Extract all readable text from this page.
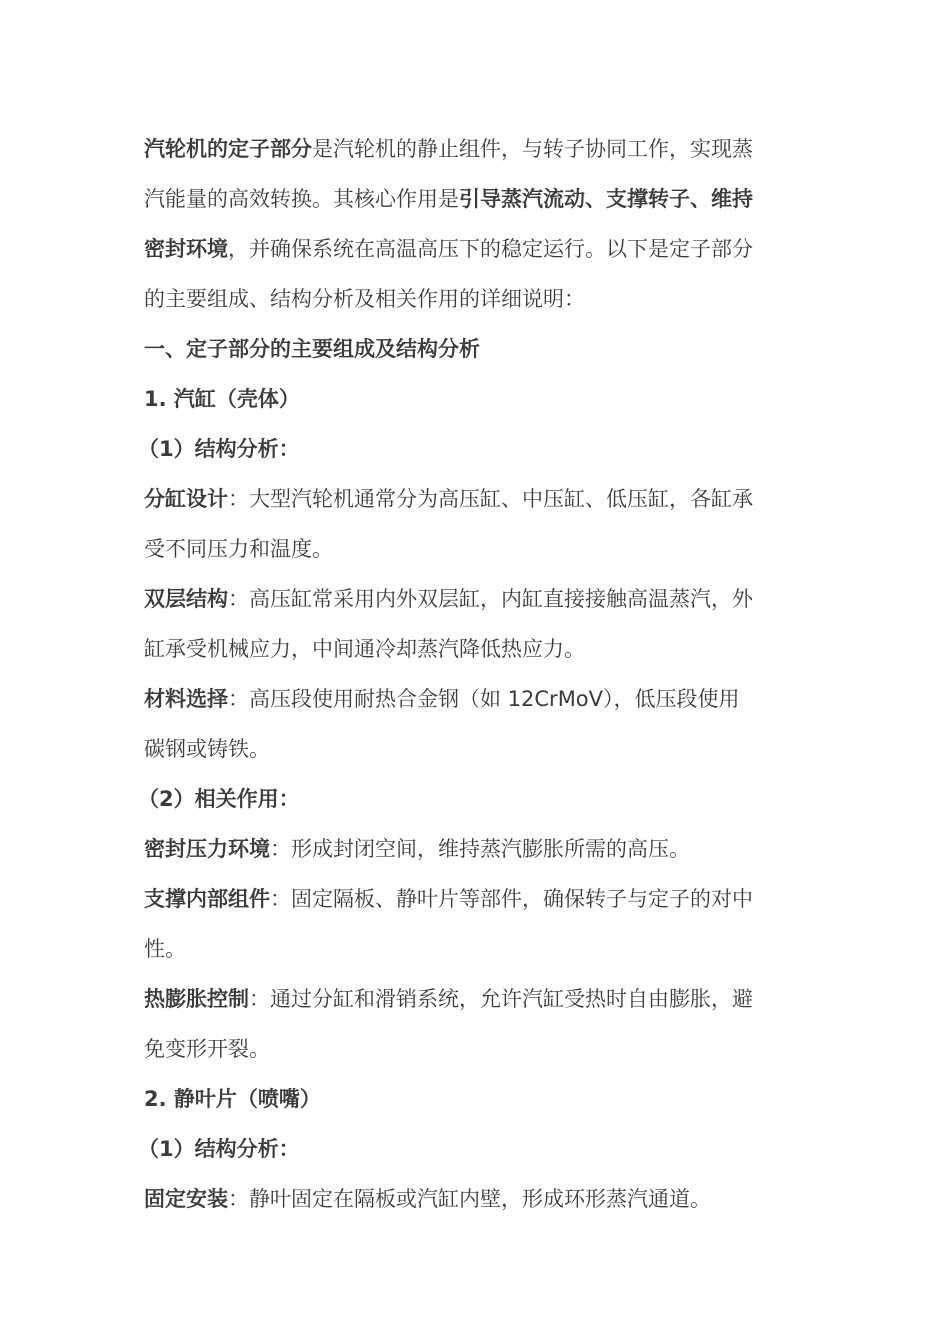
汽轮机的定子部分是汽轮机的静止组件，与转子协同工作，实现蒸
汽能量的高效转换。其核心作用是引导蒸汽流动、支撑转子、维持
密封环境，并确保系统在高温高压下的稳定运行。以下是定子部分
的主要组成、结构分析及相关作用的详细说明：
一、定子部分的主要组成及结构分析
1. 汽缸（壳体）
（1）结构分析：
分缸设计：大型汽轮机通常分为高压缸、中压缸、低压缸，各缸承
受不同压力和温度。
双层结构：高压缸常采用内外双层缸，内缸直接接触高温蒸汽，外
缸承受机械应力，中间通冷却蒸汽降低热应力。
材料选择：高压段使用耐热合金钢（如 12CrMoV），低压段使用
碳钢或铸铁。
（2）相关作用：
密封压力环境：形成封闭空间，维持蒸汽膨胀所需的高压。
支撑内部组件：固定隔板、静叶片等部件，确保转子与定子的对中
性。
热膨胀控制：通过分缸和滑销系统，允许汽缸受热时自由膨胀，避
免变形开裂。
2. 静叶片（喷嘴）
（1）结构分析：
固定安装：静叶固定在隔板或汽缸内壁，形成环形蒸汽通道。
